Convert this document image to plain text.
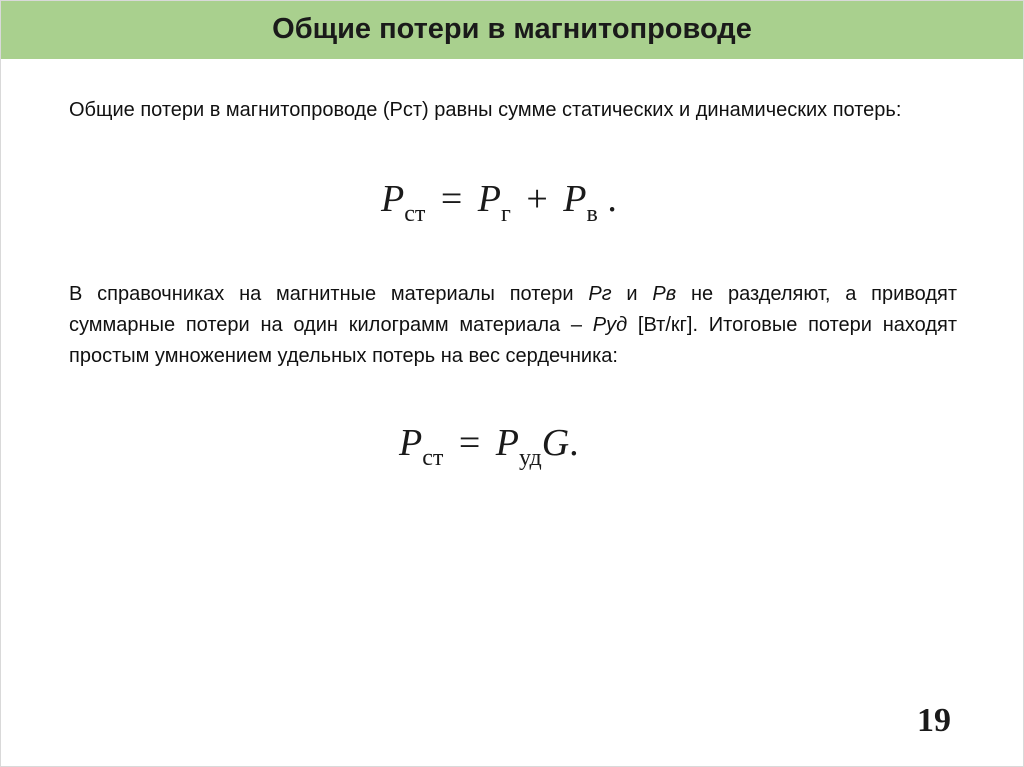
Общие потери в магнитопроводе
Общие потери в магнитопроводе (Рст) равны сумме статических и динамических потерь:
$P_{ст} = P_г + P_в$ .
В справочниках на магнитные материалы потери Рг и Рв не разделяют, а приводят суммарные потери на один килограмм материала – Руд [Вт/кг]. Итоговые потери находят простым умножением удельных потерь на вес сердечника:
$P_{ст} = P_{уд}G$.
19
